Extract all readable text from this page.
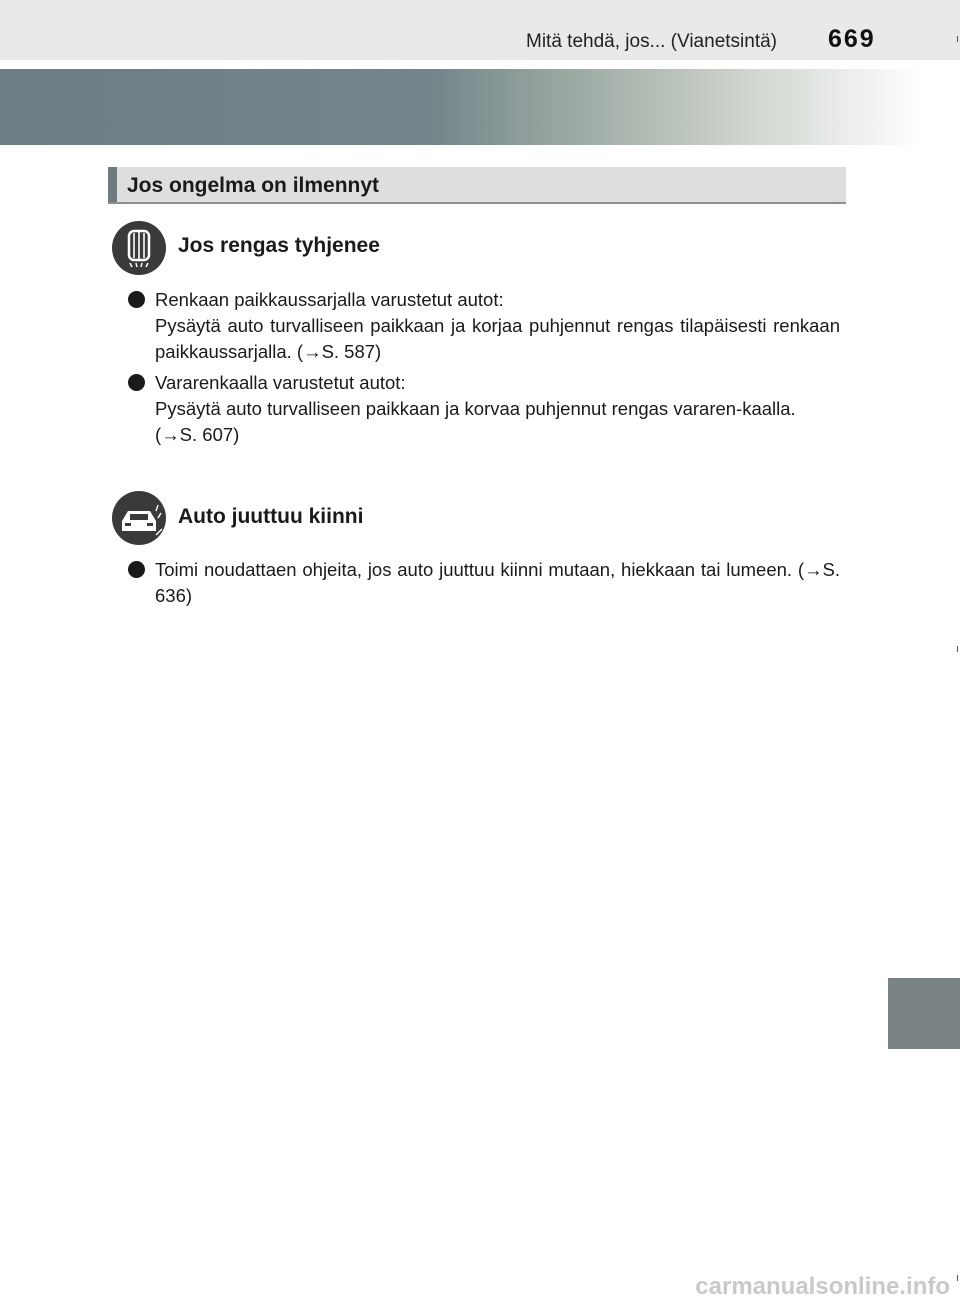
Mitä tehdä, jos... (Vianetsintä) 669
Jos ongelma on ilmennyt
Jos rengas tyhjenee

Renkaan paikkaussarjalla varustetut autot:

Pysäytä auto turvalliseen paikkaan ja korjaa puhjennut rengas tilapäisesti renkaan paikkaussarjalla. (→S. 587)

Vararenkaalla varustetut autot:

Pysäytä auto turvalliseen paikkaan ja korvaa puhjennut rengas vararen-kaalla.

(→S. 607)

Auto juuttuu kiinni

Toimi noudattaen ohjeita, jos auto juuttuu kiinni mutaan, hiekkaan tai lumeen. (→S. 636)

carmanualsonline.info
